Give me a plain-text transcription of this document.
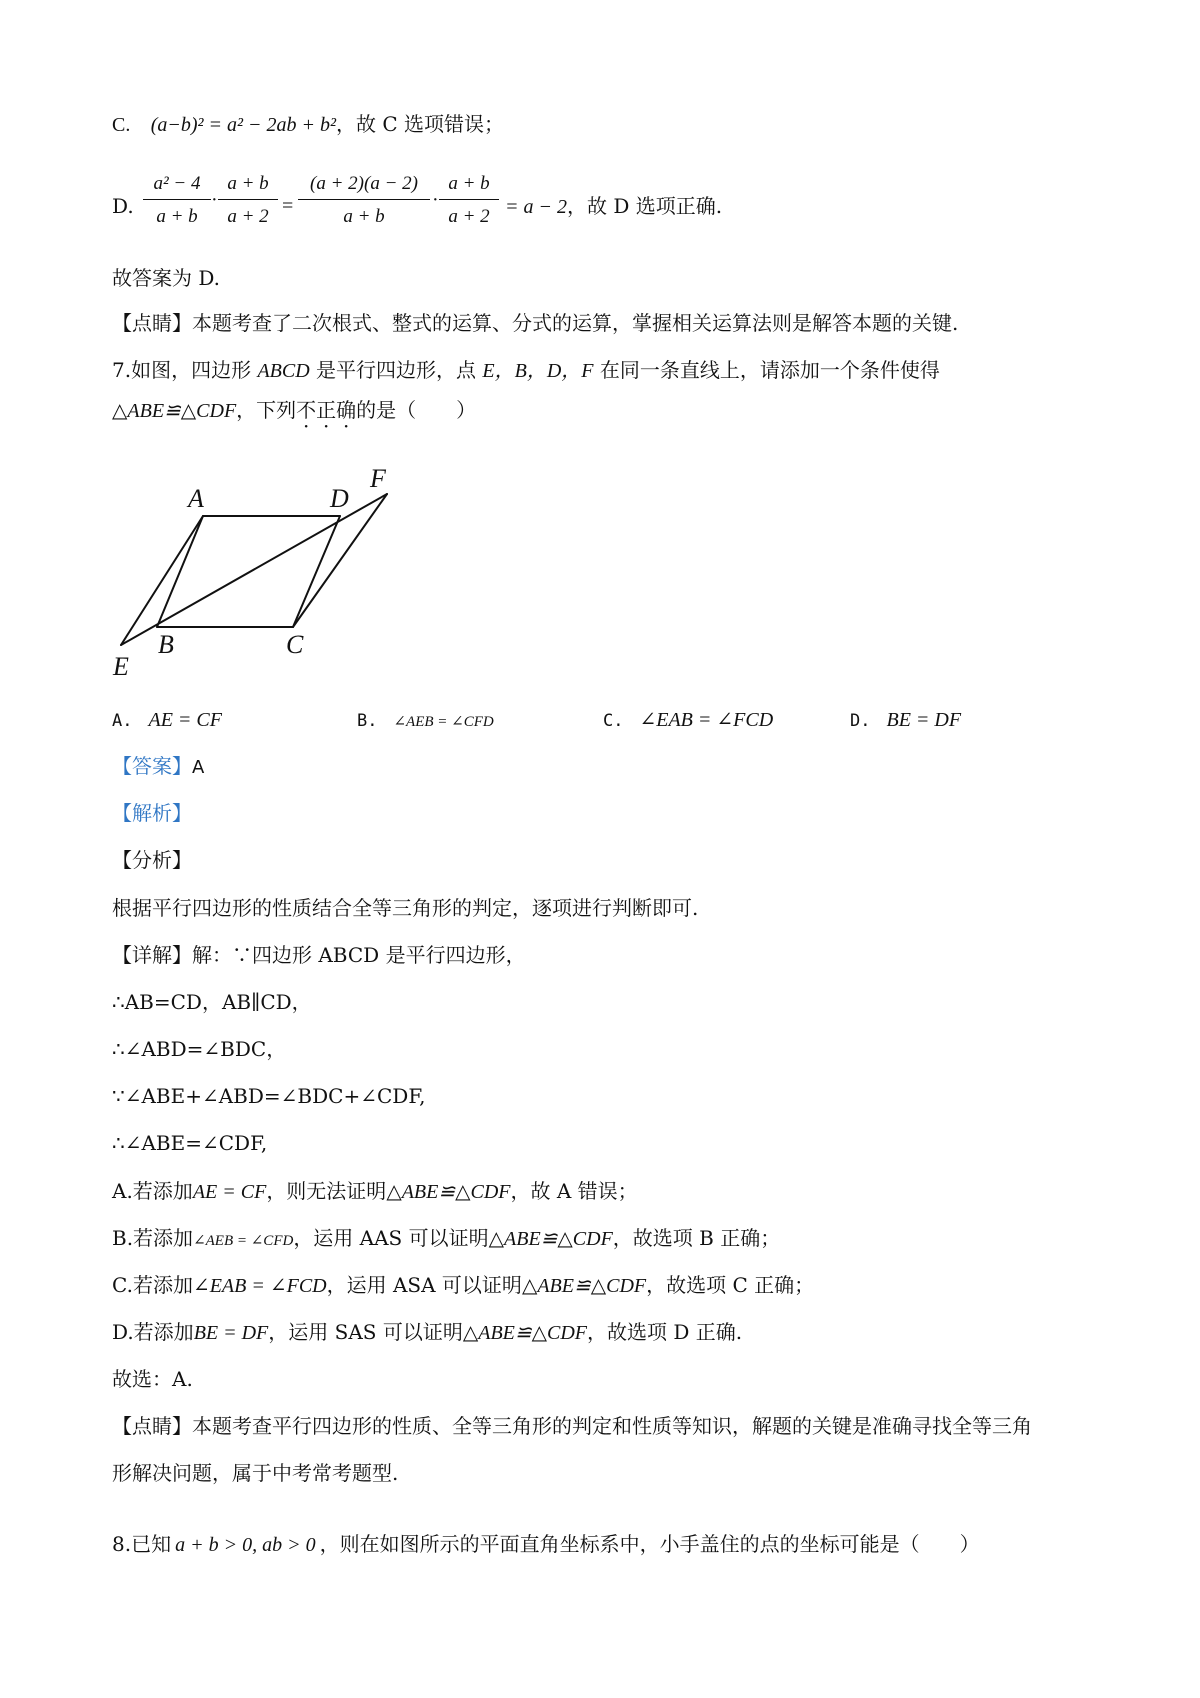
C. (a−b)² = a² − 2ab + b²，故 C 选项错误；
D. $\frac{\text{a² − 4}}{a + b} \cdot \frac{a + b}{a + 2} = \frac{(a + 2)(a - 2)}{a + b} \cdot \frac{a + b}{a + 2} = a - 2$，故 D 选项正确.
故答案为 D.
【点睛】本题考查了二次根式、整式的运算、分式的运算，掌握相关运算法则是解答本题的关键.
7.如图，四边形 ABCD 是平行四边形，点 E，B，D，F 在同一条直线上，请添加一个条件使得
△ABE≌△CDF，下列不正确的是（　　）
A	D
F
B	C
E
A. AE = CF	B. ∠AEB = ∠CFD	C. ∠EAB = ∠FCD	D. BE = DF
【答案】A
【解析】
【分析】
根据平行四边形的性质结合全等三角形的判定，逐项进行判断即可.
【详解】解：∵四边形 ABCD 是平行四边形，
∴AB=CD，AB∥CD，
∴∠ABD=∠BDC，
∵∠ABE+∠ABD=∠BDC+∠CDF,
∴∠ABE=∠CDF,
A.若添加AE = CF，则无法证明△ABE≌△CDF，故 A 错误；
B.若添加∠AEB = ∠CFD，运用 AAS 可以证明△ABE≌△CDF，故选项 B 正确；
C.若添加∠EAB = ∠FCD，运用 ASA 可以证明△ABE≌△CDF，故选项 C 正确；
D.若添加BE = DF，运用 SAS 可以证明△ABE≌△CDF，故选项 D 正确.
故选：A.
【点睛】本题考查平行四边形的性质、全等三角形的判定和性质等知识，解题的关键是准确寻找全等三角
形解决问题，属于中考常考题型.
8.已知 a + b > 0, ab > 0 ，则在如图所示的平面直角坐标系中，小手盖住的点的坐标可能是（　　）
